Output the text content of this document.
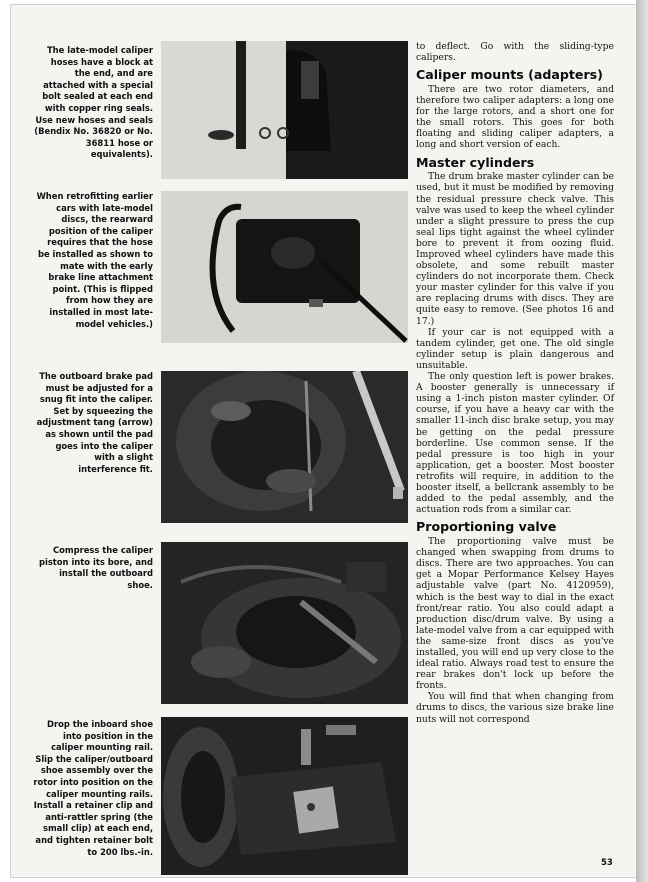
The late-model caliper hoses have a block at the end, and are attached with a special bolt sealed at each end with copper ring seals. Use new hoses and seals (Bendix No. 36820 or No. 36811 hose or equivalents).

When retrofitting earlier cars with late-model discs, the rearward position of the caliper requires that the hose be installed as shown to mate with the early brake line attachment point. (This is flipped from how they are installed in most late-model vehicles.)

The outboard brake pad must be adjusted for a snug fit into the caliper. Set by squeezing the adjustment tang (arrow) as shown until the pad goes into the caliper with a slight interference fit.

Compress the caliper piston into its bore, and install the outboard shoe.

Drop the inboard shoe into position in the caliper mounting rail. Slip the caliper/outboard shoe assembly over the rotor into position on the caliper mounting rails. Install a retainer clip and anti-rattler spring (the small clip) at each end, and tighten retainer bolt to 200 lbs.-in.

to deflect. Go with the sliding-type calipers.

Caliper mounts (adapters)

There are two rotor diameters, and therefore two caliper adapters: a long one for the large rotors, and a short one for the small rotors. This goes for both floating and sliding caliper adapters, a long and short version of each.

Master cylinders

The drum brake master cylinder can be used, but it must be modified by removing the residual pressure check valve. This valve was used to keep the wheel cylinder under a slight pressure to press the cup seal lips tight against the wheel cylinder bore to prevent it from oozing fluid. Improved wheel cylinders have made this obsolete, and some rebuilt master cylinders do not incorporate them. Check your master cylinder for this valve if you are replacing drums with discs. They are quite easy to remove. (See photos 16 and 17.)

If your car is not equipped with a tandem cylinder, get one. The old single cylinder setup is plain dangerous and unsuitable.

The only question left is power brakes. A booster generally is unnecessary if using a 1-inch piston master cylinder. Of course, if you have a heavy car with the smaller 11-inch disc brake setup, you may be getting on the pedal pressure borderline. Use common sense. If the pedal pressure is too high in your application, get a booster. Most booster retrofits will require, in addition to the booster itself, a bellcrank assembly to be added to the pedal assembly, and the actuation rods from a similar car.

Proportioning valve

The proportioning valve must be changed when swapping from drums to discs. There are two approaches. You can get a Mopar Performance Kelsey Hayes adjustable valve (part No. 4120959), which is the best way to dial in the exact front/rear ratio. You also could adapt a production disc/drum valve. By using a late-model valve from a car equipped with the same-size front discs as you've installed, you will end up very close to the ideal ratio. Always road test to ensure the rear brakes don't lock up before the fronts.

You will find that when changing from drums to discs, the various size brake line nuts will not correspond

53
